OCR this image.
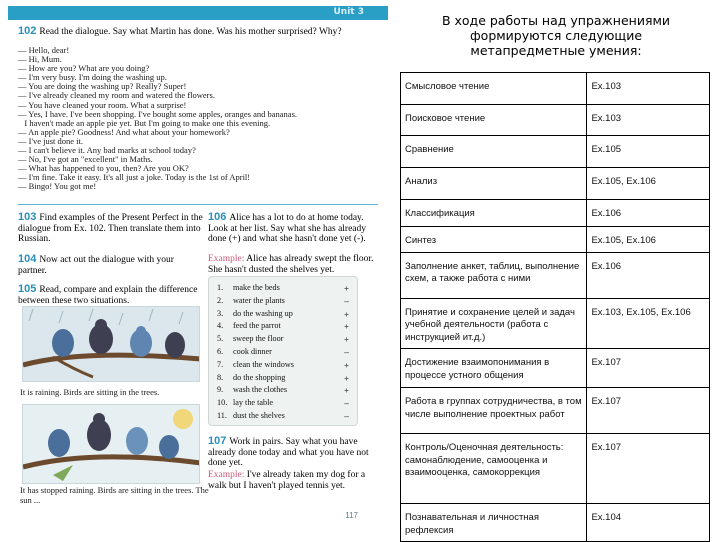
Unit 3
102 Read the dialogue. Say what Martin has done. Was his mother surprised? Why?
— Hello, dear!
— Hi, Mum.
— How are you? What are you doing?
— I'm very busy. I'm doing the washing up.
— You are doing the washing up? Really? Super!
— I've already cleaned my room and watered the flowers.
— You have cleaned your room. What a surprise!
— Yes, I have. I've been shopping. I've bought some apples, oranges and bananas.
I haven't made an apple pie yet. But I'm going to make one this evening.
— An apple pie? Goodness! And what about your homework?
— I've just done it.
— I can't believe it. Any bad marks at school today?
— No, I've got an "excellent" in Maths.
— What has happened to you, then? Are you OK?
— I'm fine. Take it easy. It's all just a joke. Today is the 1st of April!
— Bingo! You got me!
103 Find examples of the Present Perfect in the dialogue from Ex. 102. Then translate them into Russian.
104 Now act out the dialogue with your partner.
105 Read, compare and explain the difference between these two situations.
It is raining. Birds are sitting in the trees.
It has stopped raining. Birds are sitting in the trees. The sun ...
106 Alice has a lot to do at home today. Look at her list. Say what she has already done (+) and what she hasn't done yet (-).
Example: Alice has already swept the floor. She hasn't dusted the shelves yet.
1. make the beds	+
2. water the plants	–
3. do the washing up	+
4. feed the parrot	+
5. sweep the floor	+
6. cook dinner	–
7. clean the windows	+
8. do the shopping	+
9. wash the clothes	+
10. lay the table	–
11. dust the shelves	–
107 Work in pairs. Say what you have already done today and what you have not done yet.
Example: I've already taken my dog for a walk but I haven't played tennis yet.
117
В ходе работы над упражнениями
формируются следующие
метапредметные умения:
Смысловое чтение	Ex.103
Поисковое чтение	Ex.103
Сравнение	Ex.105
Анализ	Ex.105, Ex.106
Классификация	Ex.106
Синтез	Ex.105, Ex.106
Заполнение анкет, таблиц, выполнение схем, а также работа с ними	Ex.106
Принятие и сохранение целей и задач учебной деятельности (работа с инструкцией ит.д.)	Ex.103, Ex.105, Ex.106
Достижение взаимопонимания в процессе устного общения	Ex.107
Работа в группах сотрудничества, в том числе выполнение проектных работ	Ex.107
Контроль/Оценочная деятельность: самонаблюдение, самооценка и взаимооценка, самокоррекция	Ex.107
Познавательная и личностная рефлексия	Ex.104
